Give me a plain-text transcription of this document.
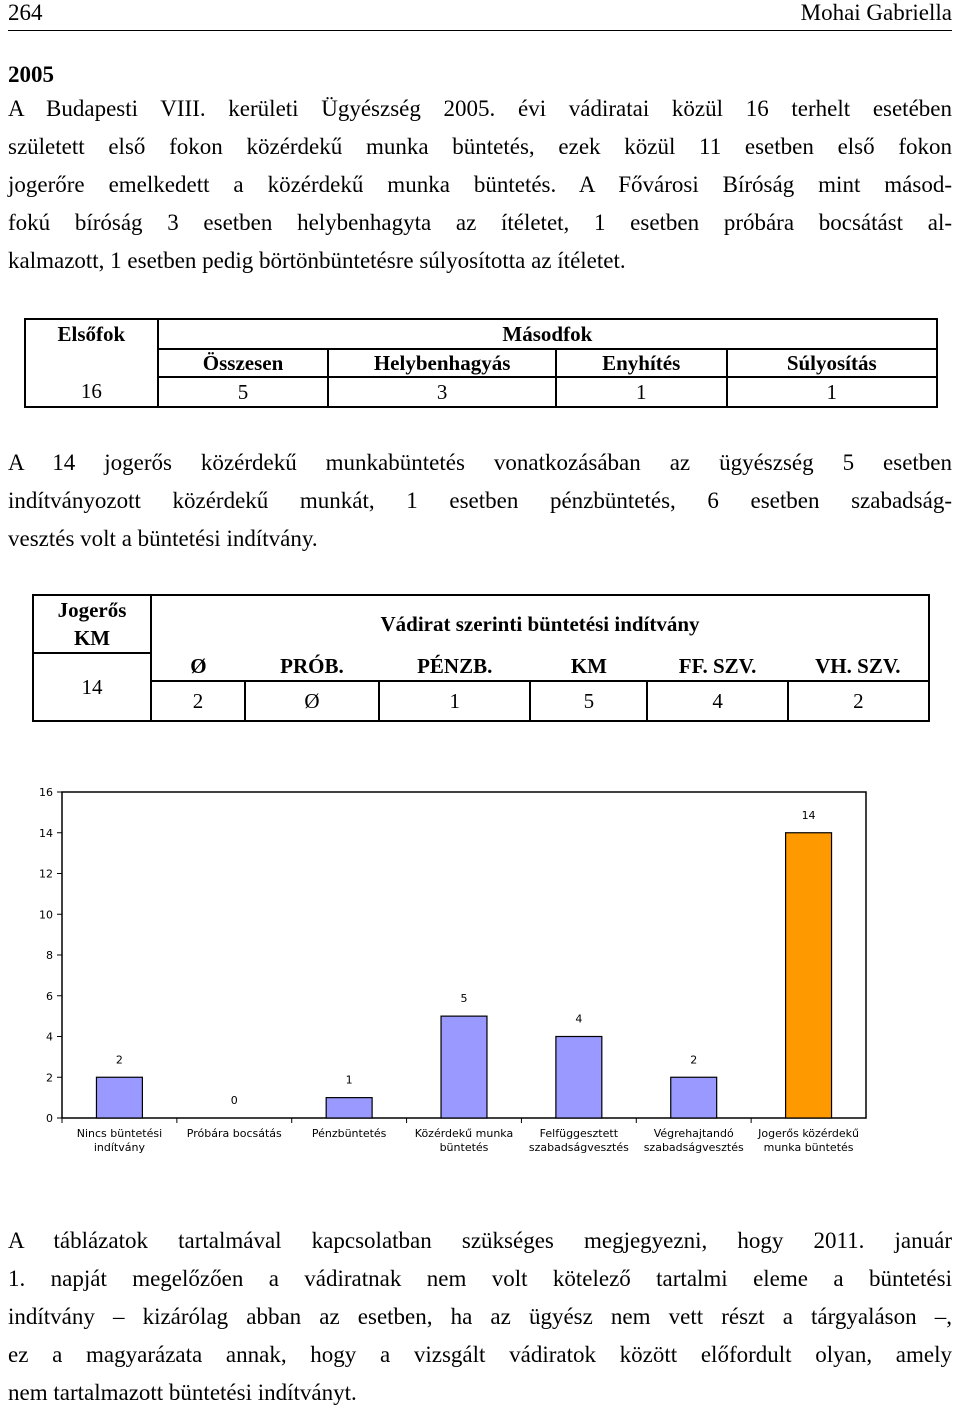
264	Mohai Gabriella
2005
A Budapesti VIII. kerületi Ügyészség 2005. évi vádiratai közül 16 terhelt esetében
született első fokon közérdekű munka büntetés, ezek közül 11 esetben első fokon
jogerőre emelkedett a közérdekű munka büntetés. A Fővárosi Bíróság mint másod-
fokú bíróság 3 esetben helybenhagyta az ítéletet, 1 esetben próbára bocsátást al-
kalmazott, 1 esetben pedig börtönbüntetésre súlyosította az ítéletet.
Elsőfok	Másodfok			
	Összesen	Helybenhagyás	Enyhítés	Súlyosítás
16	5	3	1	1
A 14 jogerős közérdekű munkabüntetés vonatkozásában az ügyészség 5 esetben
indítványozott közérdekű munkát, 1 esetben pénzbüntetés, 6 esetben szabadság-
vesztés volt a büntetési indítvány.
Jogerős
KM	Vádirat szerinti büntetési indítvány					
14	Ø	PRÓB.	PÉNZB.	KM	FF. SZV.	VH. SZV.
	2	Ø	1	5	4	2
0
2
4
6
8
10
12
14
16
2
Nincs büntetési
indítvány
0
Próbára bocsátás
1
Pénzbüntetés
5
Közérdekű munka
büntetés
4
Felfüggesztett
szabadságvesztés
2
Végrehajtandó
szabadságvesztés
14
Jogerős közérdekű
munka büntetés
A táblázatok tartalmával kapcsolatban szükséges megjegyezni, hogy 2011. január
1. napját megelőzően a vádiratnak nem volt kötelező tartalmi eleme a büntetési
indítvány – kizárólag abban az esetben, ha az ügyész nem vett részt a tárgyaláson –,
ez a magyarázata annak, hogy a vizsgált vádiratok között előfordult olyan, amely
nem tartalmazott büntetési indítványt.
